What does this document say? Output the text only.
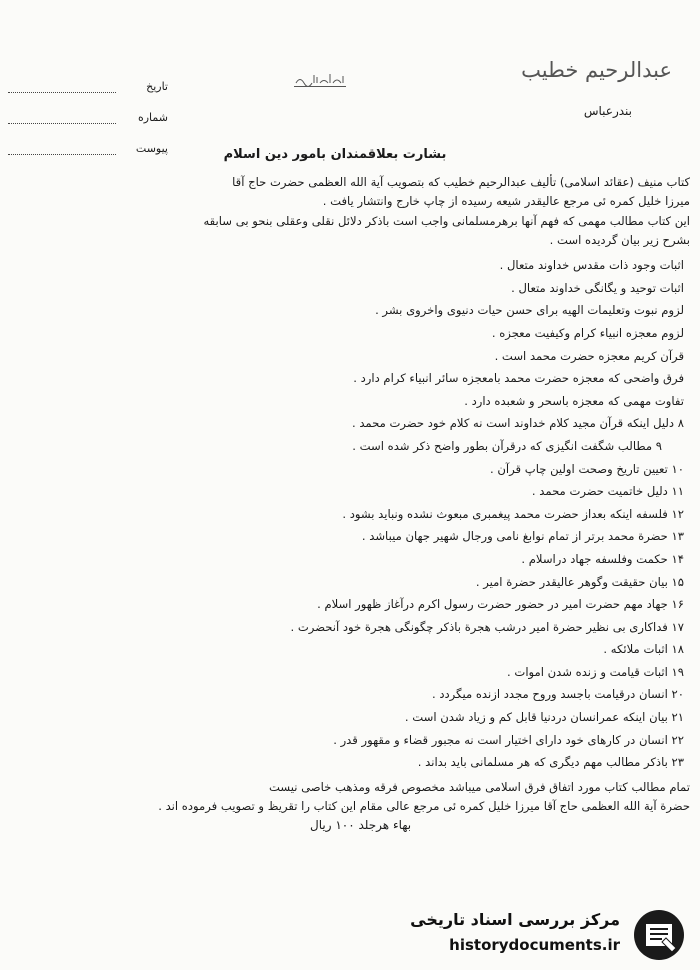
تاریخ
شماره
پیوست
عبدالرحیم خطیب
بندرعباس
بشارت بعلاقمندان بامور دین اسلام
کتاب منیف (عقائد اسلامی) تألیف عبدالرحیم خطیب که بتصویب آیة الله العظمی حضرت حاج آقا
میرزا خلیل کمره ئی مرجع عالیقدر شیعه رسیده از چاپ خارج وانتشار یافت .
این کتاب مطالب مهمی که فهم آنها برهرمسلمانی واجب است باذکر دلائل نقلی وعقلی بنحو بی سابقه
بشرح زیر بیان گردیده است .
اثبات وجود ذات مقدس خداوند متعال .
اثبات توحید و یگانگی خداوند متعال .
لزوم نبوت وتعلیمات الهیه برای حسن حیات دنیوی واخروی بشر .
لزوم معجزه انبیاء کرام وکیفیت معجزه .
قرآن کریم معجزه حضرت محمد است .
فرق واضحی که معجزه حضرت محمد بامعجزه سائر انبیاء کرام دارد .
تفاوت مهمی که معجزه باسحر و شعبده دارد .
۸ دلیل اینکه قرآن مجید کلام خداوند است نه کلام خود حضرت محمد .
۹ مطالب شگفت انگیزی که درقرآن بطور واضح ذکر شده است .
۱۰ تعیین تاریخ وصحت اولین چاپ قرآن .
۱۱ دلیل خاتمیت حضرت محمد .
۱۲ فلسفه اینکه بعداز حضرت محمد پیغمبری مبعوث نشده ونباید بشود .
۱۳ حضرة محمد برتر از تمام نوابغ نامی ورجال شهیر جهان میباشد .
۱۴ حکمت وفلسفه جهاد دراسلام .
۱۵ بیان حقیقت وگوهر عالیقدر حضرة امیر .
۱۶ جهاد مهم حضرت امیر در حضور حضرت رسول اکرم درآغاز ظهور اسلام .
۱۷ فداکاری بی نظیر حضرة امیر درشب هجرة باذکر چگونگی هجرة خود آنحضرت .
۱۸ اثبات ملائکه .
۱۹ اثبات قیامت و زنده شدن اموات .
۲۰ انسان درقیامت باجسد وروح مجدد ازنده میگردد .
۲۱ بیان اینکه عمرانسان دردنیا قابل کم و زیاد شدن است .
۲۲ انسان در کارهای خود دارای اختیار است نه مجبور قضاء و مقهور قدر .
۲۳ باذکر مطالب مهم دیگری که هر مسلمانی باید بداند .
تمام مطالب کتاب مورد اتفاق فرق اسلامی میباشد مخصوص فرقه ومذهب خاصی نیست
حضرة آیة الله العظمی حاج آقا میرزا خلیل کمره ئی مرجع عالی مقام این کتاب را تقریظ و تصویب فرموده اند .
بهاء هرجلد ۱۰۰ ریال
مرکز بررسی اسناد تاریخی
historydocuments.ir
